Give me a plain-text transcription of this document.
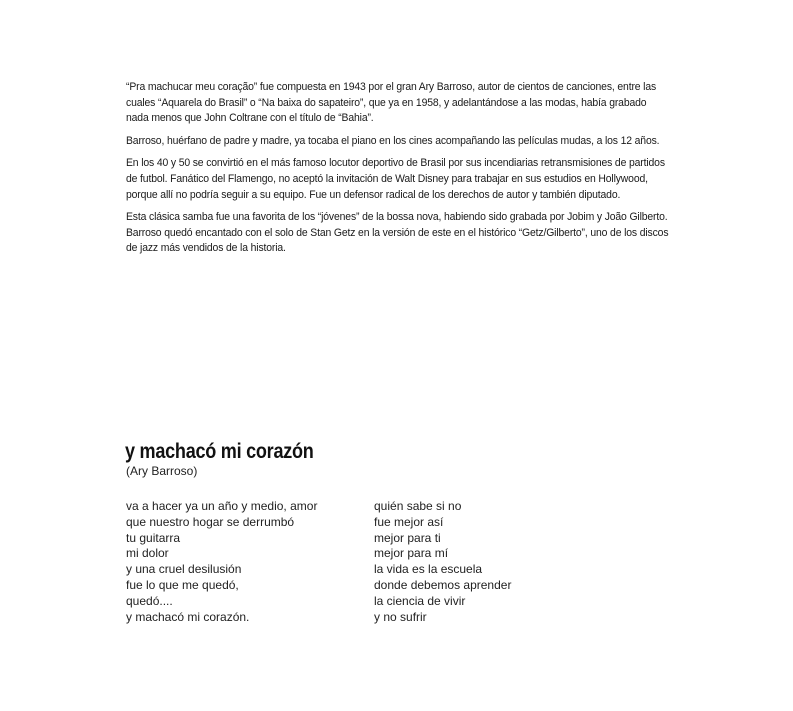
“Pra machucar meu coração” fue compuesta en 1943 por el gran Ary Barroso, autor de cientos de canciones, entre las cuales “Aquarela do Brasil” o “Na baixa do sapateiro”, que ya en 1958, y adelantándose a las modas, había grabado nada menos que John Coltrane con el título de “Bahia”.

Barroso, huérfano de padre y madre, ya tocaba el piano en los cines acompañando las películas mudas, a los 12 años.

En los 40 y 50 se convirtió en el más famoso locutor deportivo de Brasil por sus incendiarias retransmisiones de partidos de futbol. Fanático del Flamengo, no aceptó la invitación de Walt Disney para trabajar en sus estudios en Hollywood, porque allí no podría seguir a su equipo. Fue un defensor radical de los derechos de autor y también diputado.

Esta clásica samba fue una favorita de los “jóvenes” de la bossa nova, habiendo sido grabada por Jobim y João Gilberto. Barroso quedó encantado con el solo de Stan Getz en la versión de este en el histórico “Getz/Gilberto”, uno de los discos de jazz más vendidos de la historia.

y machacó mi corazón
(Ary Barroso)
va a hacer ya un año y medio, amor
que nuestro hogar se derrumbó
tu guitarra
mi dolor
y una cruel desilusión
fue lo que me quedó,
quedó....
y machacó mi corazón.
quién sabe si no
fue mejor así
mejor para ti
mejor para mí
la vida es la escuela
donde debemos aprender
la ciencia de vivir
y no sufrir
